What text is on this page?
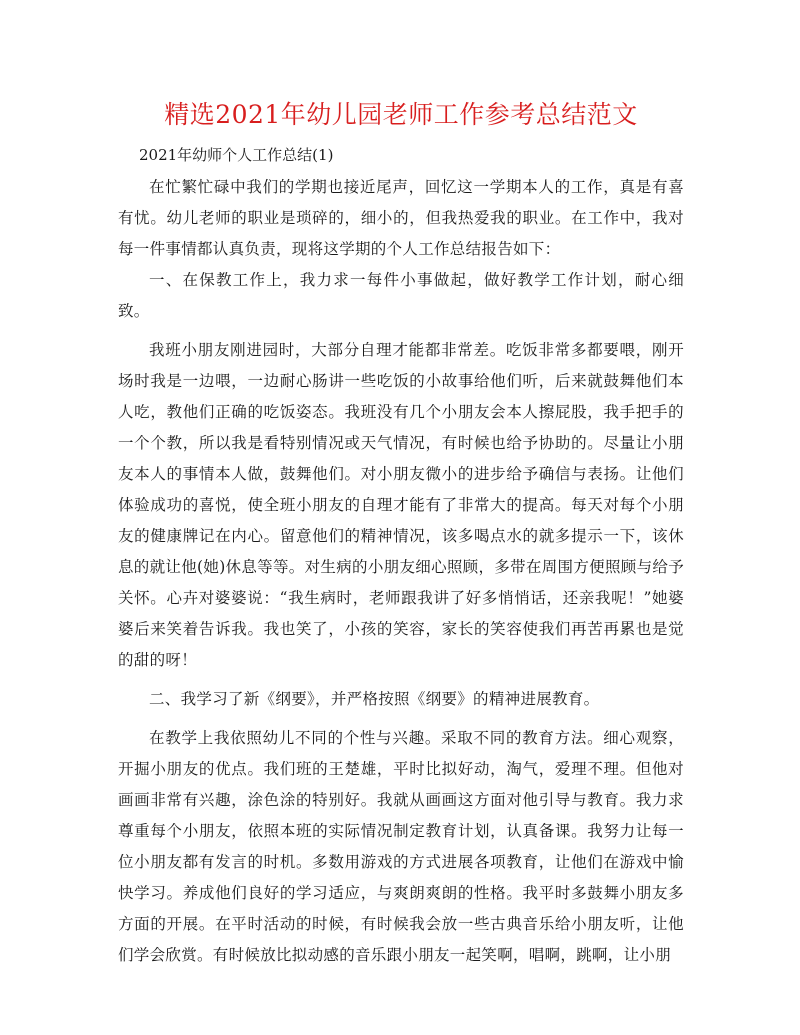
精选2021年幼儿园老师工作参考总结范文
2021年幼师个人工作总结(1)

在忙繁忙碌中我们的学期也接近尾声，回忆这一学期本人的工作，真是有喜有忧。幼儿老师的职业是琐碎的，细小的，但我热爱我的职业。在工作中，我对每一件事情都认真负责，现将这学期的个人工作总结报告如下：

一、在保教工作上，我力求一每件小事做起，做好教学工作计划，耐心细致。

我班小朋友刚进园时，大部分自理才能都非常差。吃饭非常多都要喂，刚开场时我是一边喂，一边耐心肠讲一些吃饭的小故事给他们听，后来就鼓舞他们本人吃，教他们正确的吃饭姿态。我班没有几个小朋友会本人擦屁股，我手把手的一个个教，所以我是看特别情况或天气情况，有时候也给予协助的。尽量让小朋友本人的事情本人做，鼓舞他们。对小朋友微小的进步给予确信与表扬。让他们体验成功的喜悦，使全班小朋友的自理才能有了非常大的提高。每天对每个小朋友的健康牌记在内心。留意他们的精神情况，该多喝点水的就多提示一下，该休息的就让他(她)休息等等。对生病的小朋友细心照顾，多带在周围方便照顾与给予关怀。心卉对婆婆说：“我生病时，老师跟我讲了好多悄悄话，还亲我呢！”她婆婆后来笑着告诉我。我也笑了，小孩的笑容，家长的笑容使我们再苦再累也是觉的甜的呀！

二、我学习了新《纲要》，并严格按照《纲要》的精神进展教育。

在教学上我依照幼儿不同的个性与兴趣。采取不同的教育方法。细心观察，开掘小朋友的优点。我们班的王楚雄，平时比拟好动，淘气，爱理不理。但他对画画非常有兴趣，涂色涂的特别好。我就从画画这方面对他引导与教育。我力求尊重每个小朋友，依照本班的实际情况制定教育计划，认真备课。我努力让每一位小朋友都有发言的时机。多数用游戏的方式进展各项教育，让他们在游戏中愉快学习。养成他们良好的学习适应，与爽朗爽朗的性格。我平时多鼓舞小朋友多方面的开展。在平时活动的时候，有时候我会放一些古典音乐给小朋友听，让他们学会欣赏。有时候放比拟动感的音乐跟小朋友一起笑啊，唱啊，跳啊，让小朋
